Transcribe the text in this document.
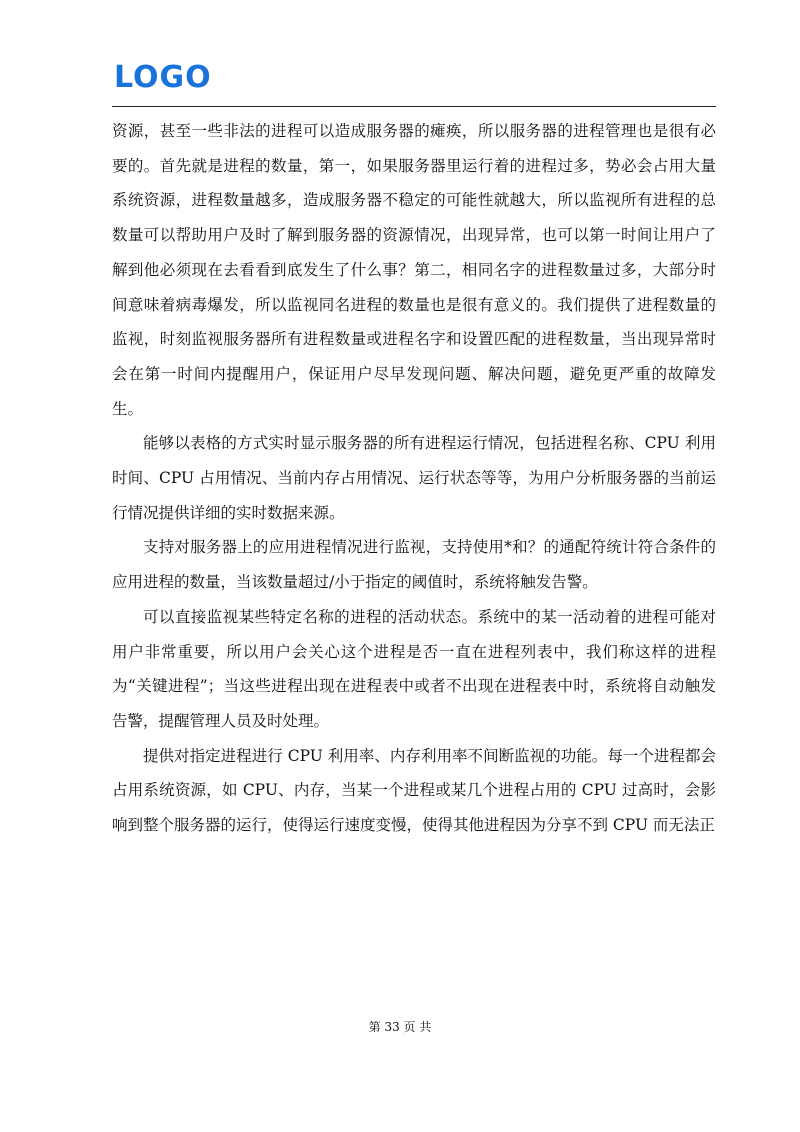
LOGO

资源，甚至一些非法的进程可以造成服务器的瘫痪，所以服务器的进程管理也是很有必要的。首先就是进程的数量，第一，如果服务器里运行着的进程过多，势必会占用大量系统资源，进程数量越多，造成服务器不稳定的可能性就越大，所以监视所有进程的总数量可以帮助用户及时了解到服务器的资源情况，出现异常，也可以第一时间让用户了解到他必须现在去看看到底发生了什么事？第二，相同名字的进程数量过多，大部分时间意味着病毒爆发，所以监视同名进程的数量也是很有意义的。我们提供了进程数量的监视，时刻监视服务器所有进程数量或进程名字和设置匹配的进程数量，当出现异常时会在第一时间内提醒用户，保证用户尽早发现问题、解决问题，避免更严重的故障发生。

能够以表格的方式实时显示服务器的所有进程运行情况，包括进程名称、CPU 利用时间、CPU 占用情况、当前内存占用情况、运行状态等等，为用户分析服务器的当前运行情况提供详细的实时数据来源。

支持对服务器上的应用进程情况进行监视，支持使用*和？的通配符统计符合条件的应用进程的数量，当该数量超过/小于指定的阈值时，系统将触发告警。

可以直接监视某些特定名称的进程的活动状态。系统中的某一活动着的进程可能对用户非常重要，所以用户会关心这个进程是否一直在进程列表中，我们称这样的进程为“关键进程”；当这些进程出现在进程表中或者不出现在进程表中时，系统将自动触发告警，提醒管理人员及时处理。

提供对指定进程进行 CPU 利用率、内存利用率不间断监视的功能。每一个进程都会占用系统资源，如 CPU、内存，当某一个进程或某几个进程占用的 CPU 过高时，会影响到整个服务器的运行，使得运行速度变慢，使得其他进程因为分享不到 CPU 而无法正

第 33 页 共
